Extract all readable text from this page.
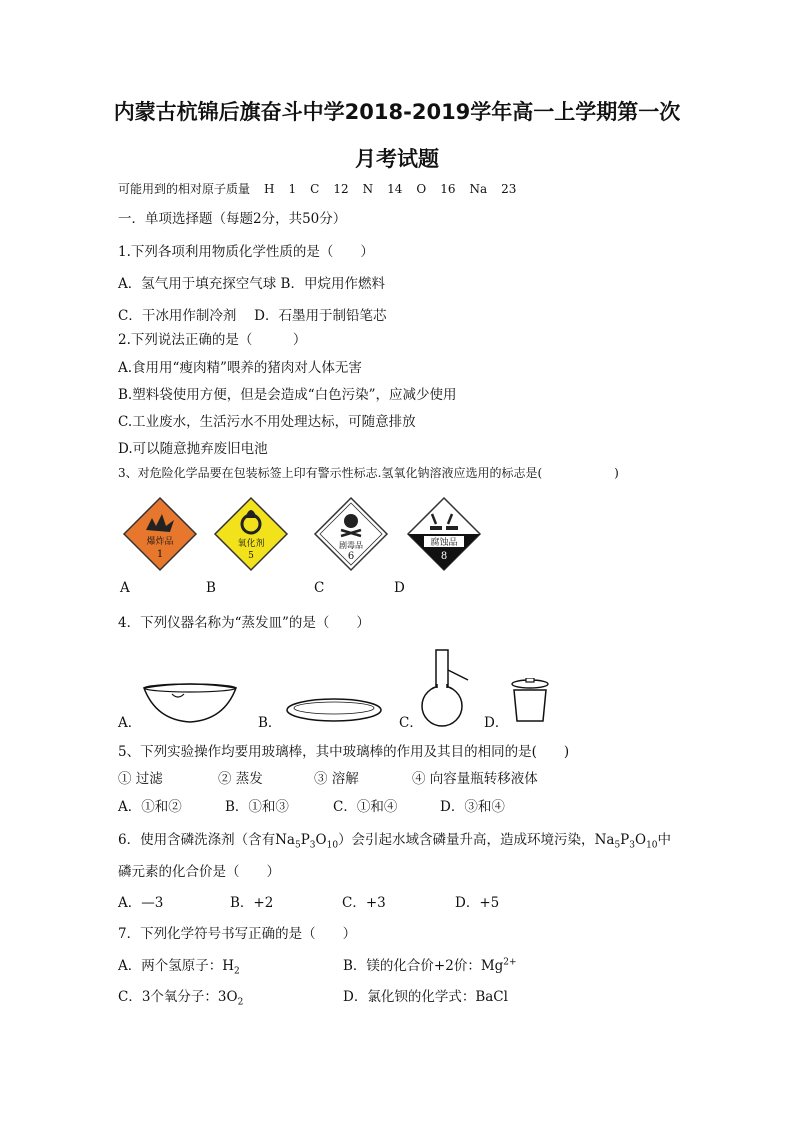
内蒙古杭锦后旗奋斗中学2018-2019学年高一上学期第一次
月考试题
可能用到的相对原子质量 H 1 C 12 N 14 O 16 Na 23
一．单项选择题（每题2分，共50分）
1.下列各项利用物质化学性质的是（　　）
A．氢气用于填充探空气球 B．甲烷用作燃料
C．干冰用作制冷剂　 D．石墨用于制铅笔芯
2.下列说法正确的是（　　　）
A.食用用“瘦肉精”喂养的猪肉对人体无害
B.塑料袋使用方便，但是会造成“白色污染”，应减少使用
C.工业废水，生活污水不用处理达标，可随意排放
D.可以随意抛弃废旧电池
3、对危险化学品要在包装标签上印有警示性标志.氢氧化钠溶液应选用的标志是(　　　　　　)
爆炸品
1
氧化剂
5
剧毒品
6
腐蚀品
8
A	B	C	D
4．下列仪器名称为“蒸发皿”的是（　　）
A．	B．	C．	D．
5、下列实验操作均要用玻璃棒，其中玻璃棒的作用及其目的相同的是(　　)
① 过滤	② 蒸发	③ 溶解	④ 向容量瓶转移液体
A．①和②	B．①和③	C．①和④	D．③和④
6．使用含磷洗涤剂（含有$Na_5P_3O_{10}$）会引起水域含磷量升高，造成环境污染，$Na_5P_3O_{10}$中
磷元素的化合价是（　　）
A．—3	B．+2	C．+3	D．+5
7．下列化学符号书写正确的是（　　）
A．两个氢原子：$H_2$	B．镁的化合价+2价：$Mg^{2+}$
C．3个氧分子：$3O_2$	D．氯化钡的化学式：BaCl
